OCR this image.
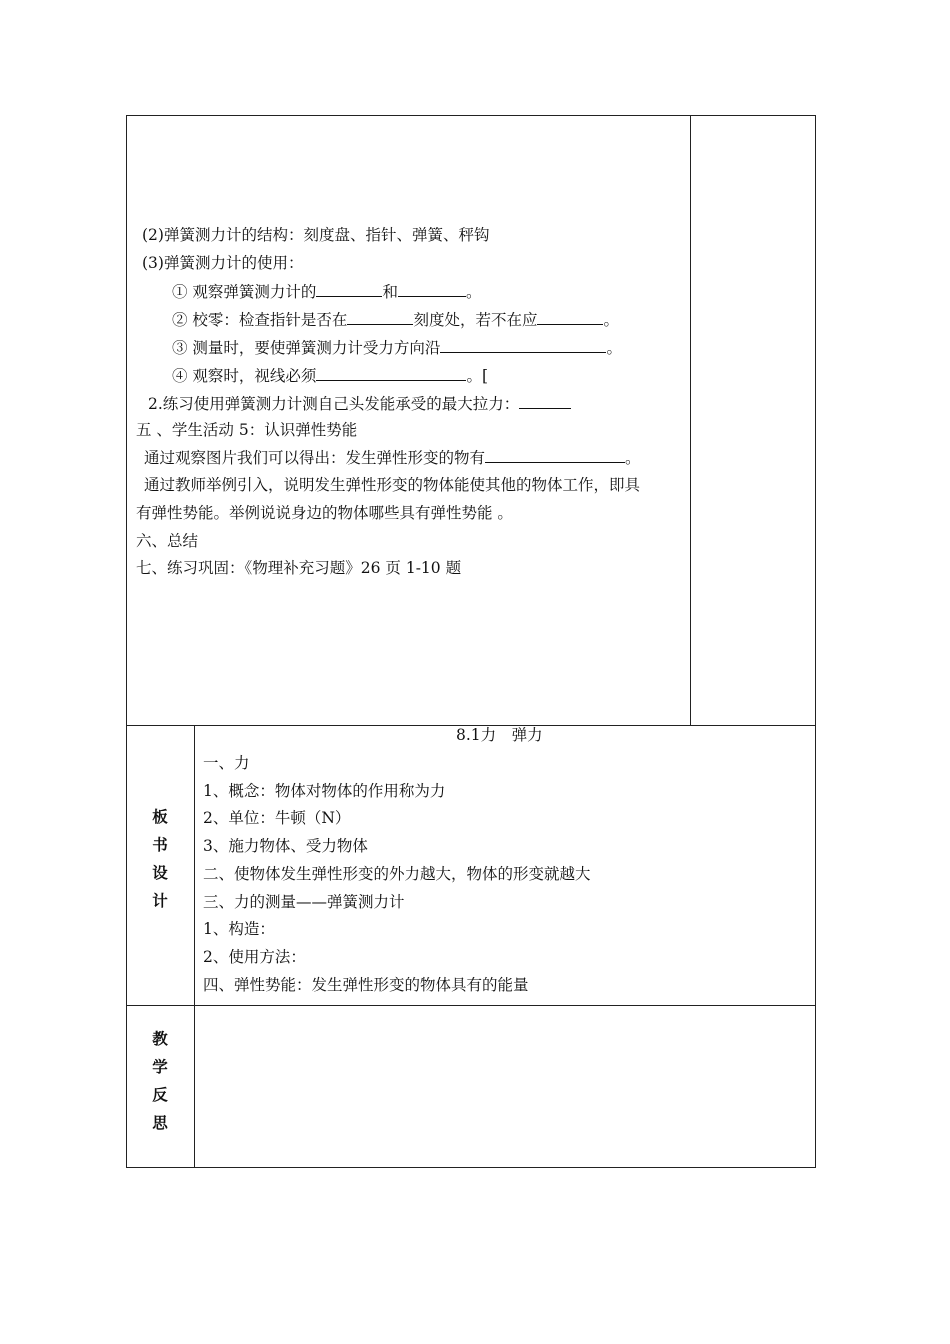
(2)弹簧测力计的结构：刻度盘、指针、弹簧、秤钩
(3)弹簧测力计的使用：
① 观察弹簧测力计的	和	。
② 校零：检查指针是否在	刻度处，若不在应	。
③ 测量时，要使弹簧测力计受力方向沿	。
④ 观察时，视线必须	。[
2.练习使用弹簧测力计测自己头发能承受的最大拉力：
五 、学生活动 5：认识弹性势能
通过观察图片我们可以得出：发生弹性形变的物有	。
通过教师举例引入，说明发生弹性形变的物体能使其他的物体工作，即具
有弹性势能。举例说说身边的物体哪些具有弹性势能 。
六、总结
七、练习巩固：《物理补充习题》26 页 1-10 题
板
书
设
计
8.1力　弹力
一、力
1、概念：物体对物体的作用称为力
2、单位：牛顿（N）
3、施力物体、受力物体
二、使物体发生弹性形变的外力越大，物体的形变就越大
三、力的测量——弹簧测力计
1、构造：
2、使用方法：
四、弹性势能：发生弹性形变的物体具有的能量
教
学
反
思
